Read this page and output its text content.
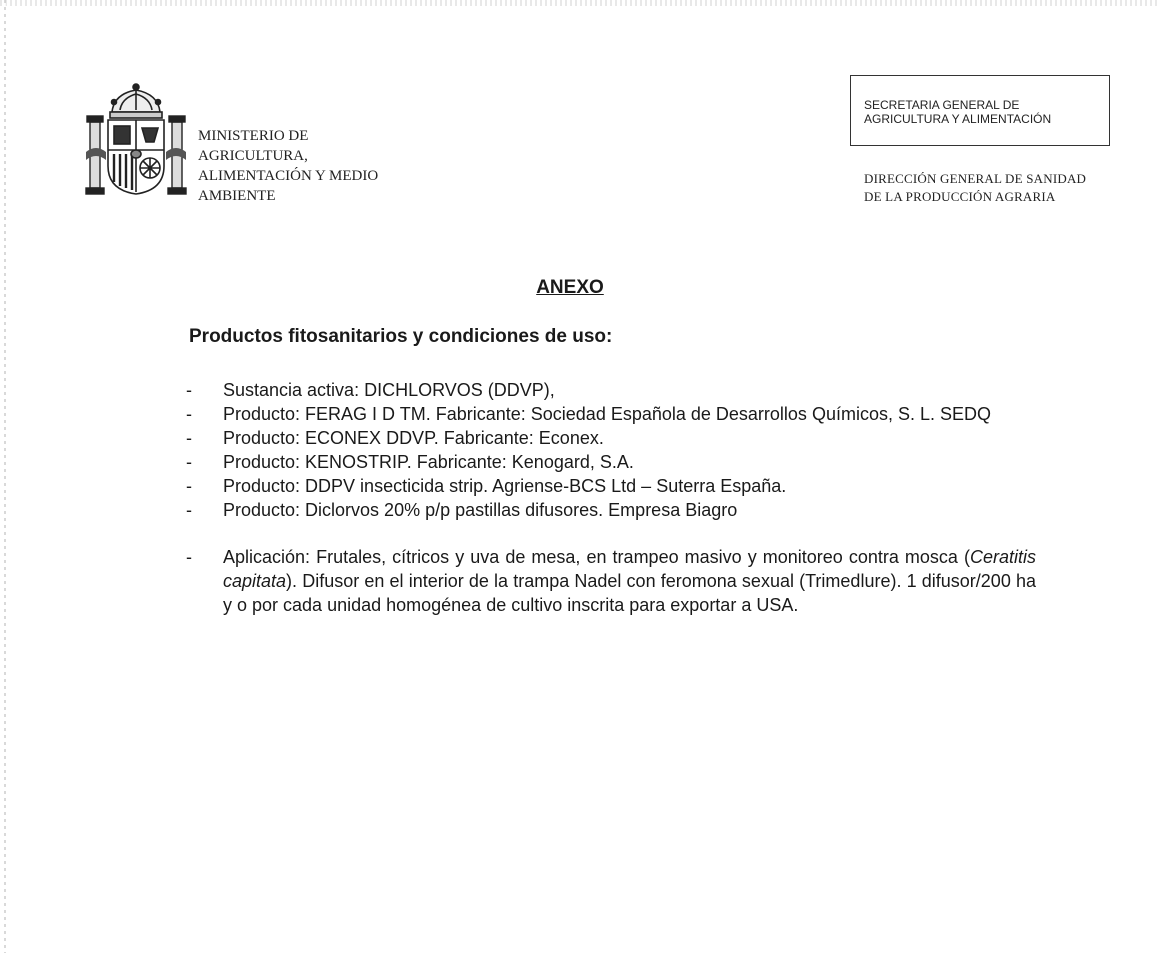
MINISTERIO DE
AGRICULTURA,
ALIMENTACIÓN Y MEDIO
AMBIENTE
SECRETARIA GENERAL DE
AGRICULTURA Y ALIMENTACIÓN
DIRECCIÓN GENERAL DE SANIDAD
DE LA PRODUCCIÓN AGRARIA
ANEXO
Productos fitosanitarios y condiciones de uso:
- Sustancia activa: DICHLORVOS (DDVP),
- Producto: FERAG I D TM. Fabricante: Sociedad Española de Desarrollos Químicos, S. L. SEDQ
- Producto: ECONEX DDVP. Fabricante: Econex.
- Producto: KENOSTRIP. Fabricante: Kenogard, S.A.
- Producto: DDPV insecticida strip. Agriense-BCS Ltd – Suterra España.
- Producto: Diclorvos 20% p/p pastillas difusores. Empresa Biagro
- Aplicación: Frutales, cítricos y uva de mesa, en trampeo masivo y monitoreo contra mosca (Ceratitis capitata). Difusor en el interior de la trampa Nadel con feromona sexual (Trimedlure). 1 difusor/200 ha y o por cada unidad homogénea de cultivo inscrita para exportar a USA.
